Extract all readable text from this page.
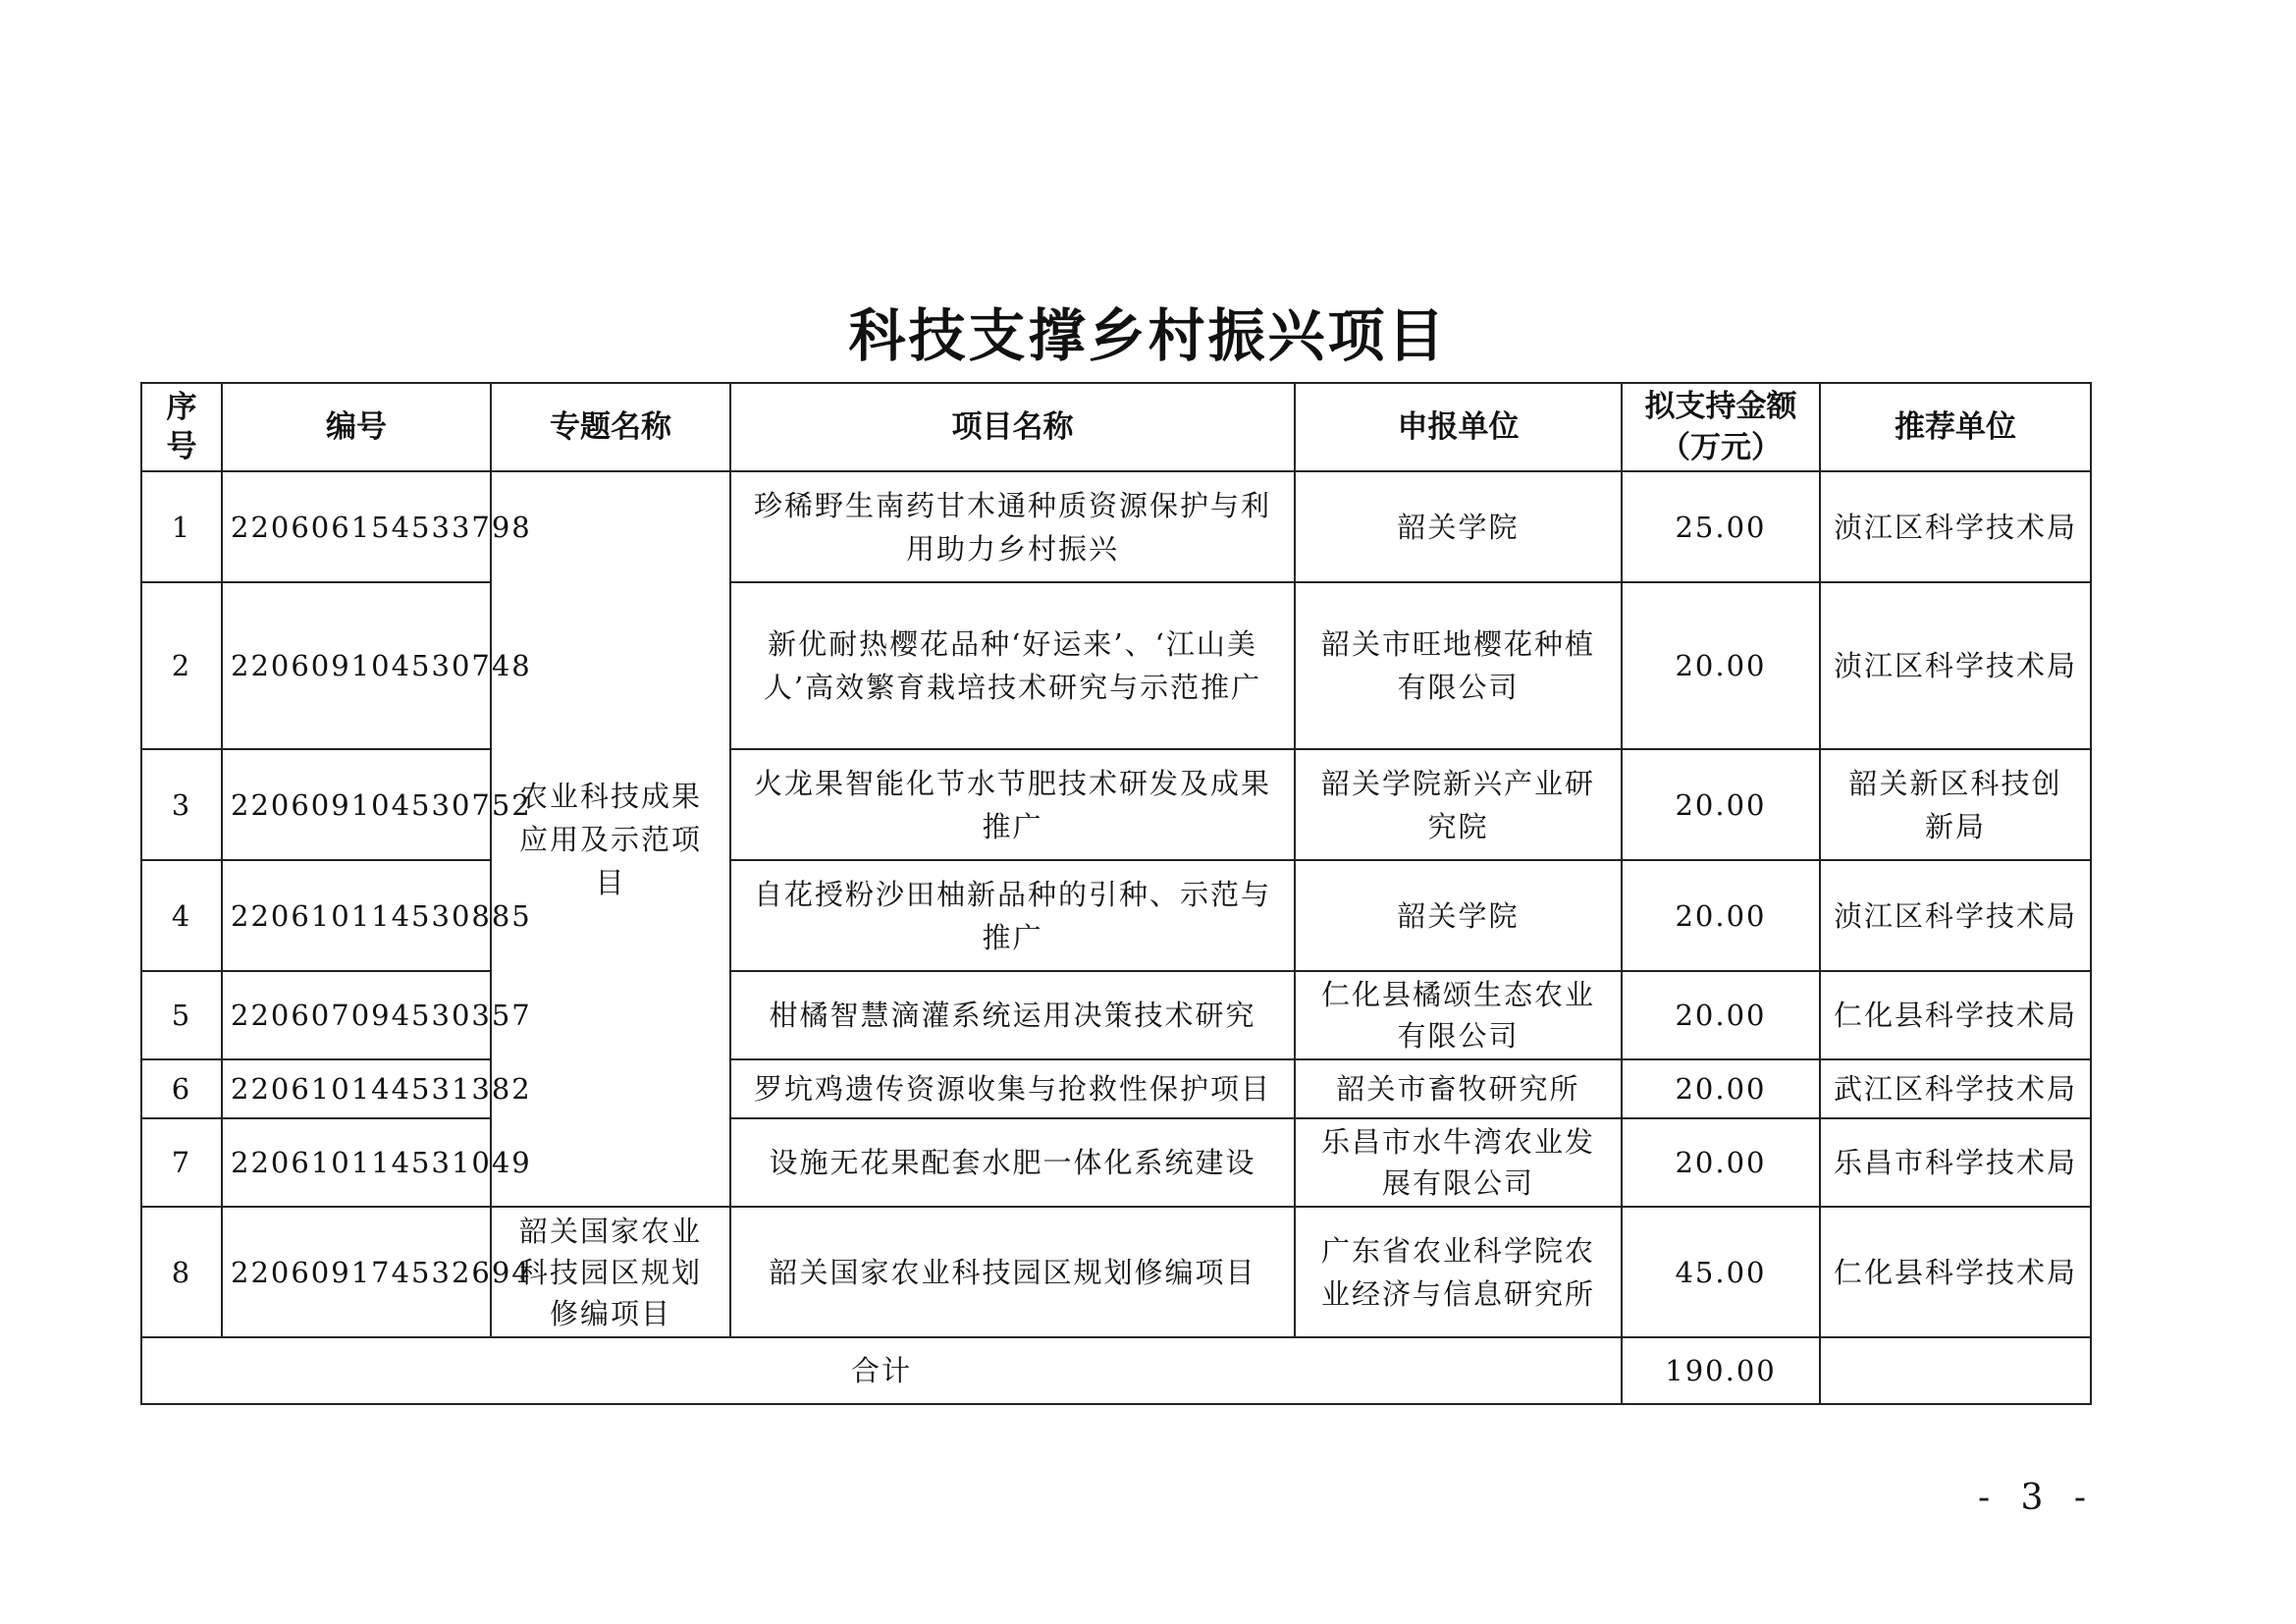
科技支撑乡村振兴项目
序号	编号	专题名称	项目名称	申报单位	拟支持金额（万元）	推荐单位
1	220606154533798	农业科技成果应用及示范项目	珍稀野生南药甘木通种质资源保护与利用助力乡村振兴	韶关学院	25.00	浈江区科学技术局
2	220609104530748		新优耐热樱花品种‘好运来’、‘江山美人’高效繁育栽培技术研究与示范推广	韶关市旺地樱花种植有限公司	20.00	浈江区科学技术局
3	220609104530752		火龙果智能化节水节肥技术研发及成果推广	韶关学院新兴产业研究院	20.00	韶关新区科技创新局
4	220610114530885		自花授粉沙田柚新品种的引种、示范与推广	韶关学院	20.00	浈江区科学技术局
5	220607094530357		柑橘智慧滴灌系统运用决策技术研究	仁化县橘颂生态农业有限公司	20.00	仁化县科学技术局
6	220610144531382		罗坑鸡遗传资源收集与抢救性保护项目	韶关市畜牧研究所	20.00	武江区科学技术局
7	220610114531049		设施无花果配套水肥一体化系统建设	乐昌市水牛湾农业发展有限公司	20.00	乐昌市科学技术局
8	220609174532694	韶关国家农业科技园区规划修编项目	韶关国家农业科技园区规划修编项目	广东省农业科学院农业经济与信息研究所	45.00	仁化县科学技术局
合计					190.00	
- 3 -
